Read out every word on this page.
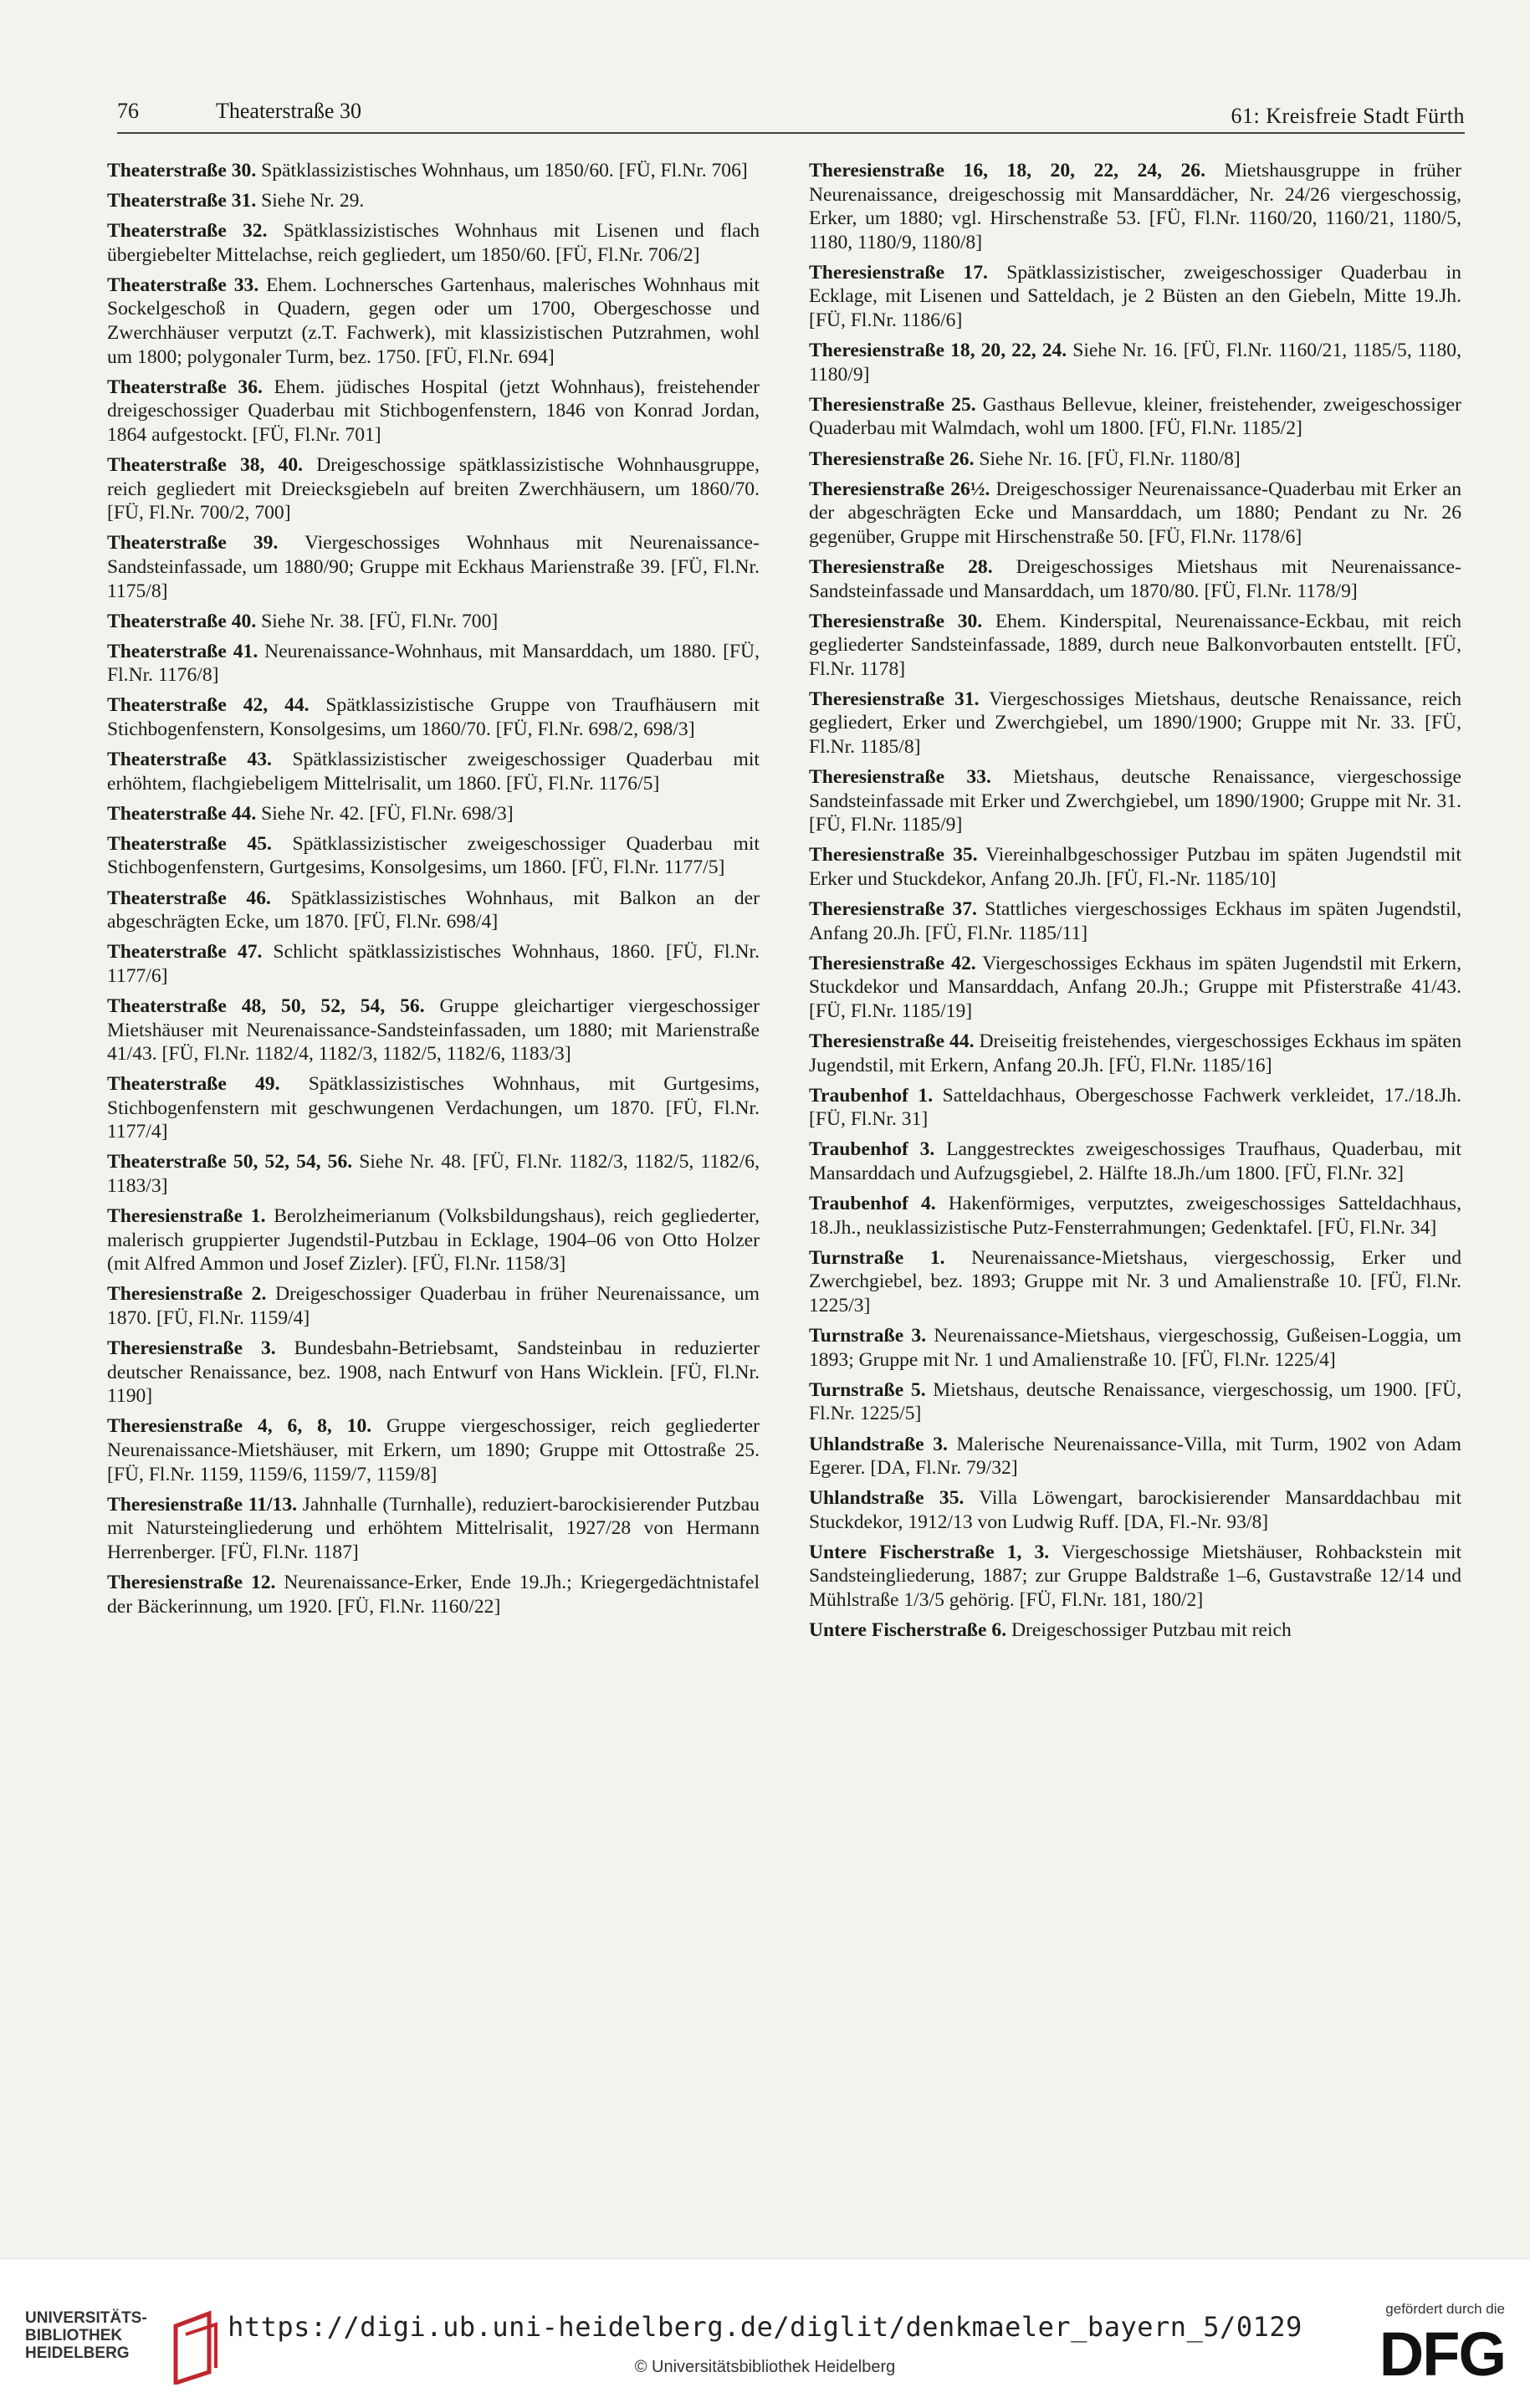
76	Theaterstraße 30	61: Kreisfreie Stadt Fürth

Theaterstraße 30. Spätklassizistisches Wohnhaus, um 1850/60. [FÜ, Fl.Nr. 706]

Theaterstraße 31. Siehe Nr. 29.

Theaterstraße 32. Spätklassizistisches Wohnhaus mit Lisenen und flach übergiebelter Mittelachse, reich gegliedert, um 1850/60. [FÜ, Fl.Nr. 706/2]

Theaterstraße 33. Ehem. Lochnersches Gartenhaus, malerisches Wohnhaus mit Sockelgeschoß in Quadern, gegen oder um 1700, Obergeschosse und Zwerchhäuser verputzt (z.T. Fachwerk), mit klassizistischen Putzrahmen, wohl um 1800; polygonaler Turm, bez. 1750. [FÜ, Fl.Nr. 694]

Theaterstraße 36. Ehem. jüdisches Hospital (jetzt Wohnhaus), freistehender dreigeschossiger Quaderbau mit Stichbogenfenstern, 1846 von Konrad Jordan, 1864 aufgestockt. [FÜ, Fl.Nr. 701]

Theaterstraße 38, 40. Dreigeschossige spätklassizistische Wohnhausgruppe, reich gegliedert mit Dreiecksgiebeln auf breiten Zwerchhäusern, um 1860/70. [FÜ, Fl.Nr. 700/2, 700]

Theaterstraße 39. Viergeschossiges Wohnhaus mit Neurenaissance-Sandsteinfassade, um 1880/90; Gruppe mit Eckhaus Marienstraße 39. [FÜ, Fl.Nr. 1175/8]

Theaterstraße 40. Siehe Nr. 38. [FÜ, Fl.Nr. 700]

Theaterstraße 41. Neurenaissance-Wohnhaus, mit Mansarddach, um 1880. [FÜ, Fl.Nr. 1176/8]

Theaterstraße 42, 44. Spätklassizistische Gruppe von Traufhäusern mit Stichbogenfenstern, Konsolgesims, um 1860/70. [FÜ, Fl.Nr. 698/2, 698/3]

Theaterstraße 43. Spätklassizistischer zweigeschossiger Quaderbau mit erhöhtem, flachgiebeligem Mittelrisalit, um 1860. [FÜ, Fl.Nr. 1176/5]

Theaterstraße 44. Siehe Nr. 42. [FÜ, Fl.Nr. 698/3]

Theaterstraße 45. Spätklassizistischer zweigeschossiger Quaderbau mit Stichbogenfenstern, Gurtgesims, Konsolgesims, um 1860. [FÜ, Fl.Nr. 1177/5]

Theaterstraße 46. Spätklassizistisches Wohnhaus, mit Balkon an der abgeschrägten Ecke, um 1870. [FÜ, Fl.Nr. 698/4]

Theaterstraße 47. Schlicht spätklassizistisches Wohnhaus, 1860. [FÜ, Fl.Nr. 1177/6]

Theaterstraße 48, 50, 52, 54, 56. Gruppe gleichartiger viergeschossiger Mietshäuser mit Neurenaissance-Sandsteinfassaden, um 1880; mit Marienstraße 41/43. [FÜ, Fl.Nr. 1182/4, 1182/3, 1182/5, 1182/6, 1183/3]

Theaterstraße 49. Spätklassizistisches Wohnhaus, mit Gurtgesims, Stichbogenfenstern mit geschwungenen Verdachungen, um 1870. [FÜ, Fl.Nr. 1177/4]

Theaterstraße 50, 52, 54, 56. Siehe Nr. 48. [FÜ, Fl.Nr. 1182/3, 1182/5, 1182/6, 1183/3]

Theresienstraße 1. Berolzheimerianum (Volksbildungshaus), reich gegliederter, malerisch gruppierter Jugendstil-Putzbau in Ecklage, 1904–06 von Otto Holzer (mit Alfred Ammon und Josef Zizler). [FÜ, Fl.Nr. 1158/3]

Theresienstraße 2. Dreigeschossiger Quaderbau in früher Neurenaissance, um 1870. [FÜ, Fl.Nr. 1159/4]

Theresienstraße 3. Bundesbahn-Betriebsamt, Sandsteinbau in reduzierter deutscher Renaissance, bez. 1908, nach Entwurf von Hans Wicklein. [FÜ, Fl.Nr. 1190]

Theresienstraße 4, 6, 8, 10. Gruppe viergeschossiger, reich gegliederter Neurenaissance-Mietshäuser, mit Erkern, um 1890; Gruppe mit Ottostraße 25. [FÜ, Fl.Nr. 1159, 1159/6, 1159/7, 1159/8]

Theresienstraße 11/13. Jahnhalle (Turnhalle), reduziert-barockisierender Putzbau mit Natursteingliederung und erhöhtem Mittelrisalit, 1927/28 von Hermann Herrenberger. [FÜ, Fl.Nr. 1187]

Theresienstraße 12. Neurenaissance-Erker, Ende 19.Jh.; Kriegergedächtnistafel der Bäckerinnung, um 1920. [FÜ, Fl.Nr. 1160/22]

Theresienstraße 16, 18, 20, 22, 24, 26. Mietshausgruppe in früher Neurenaissance, dreigeschossig mit Mansarddächer, Nr. 24/26 viergeschossig, Erker, um 1880; vgl. Hirschenstraße 53. [FÜ, Fl.Nr. 1160/20, 1160/21, 1180/5, 1180, 1180/9, 1180/8]

Theresienstraße 17. Spätklassizistischer, zweigeschossiger Quaderbau in Ecklage, mit Lisenen und Satteldach, je 2 Büsten an den Giebeln, Mitte 19.Jh. [FÜ, Fl.Nr. 1186/6]

Theresienstraße 18, 20, 22, 24. Siehe Nr. 16. [FÜ, Fl.Nr. 1160/21, 1185/5, 1180, 1180/9]

Theresienstraße 25. Gasthaus Bellevue, kleiner, freistehender, zweigeschossiger Quaderbau mit Walmdach, wohl um 1800. [FÜ, Fl.Nr. 1185/2]

Theresienstraße 26. Siehe Nr. 16. [FÜ, Fl.Nr. 1180/8]

Theresienstraße 26½. Dreigeschossiger Neurenaissance-Quaderbau mit Erker an der abgeschrägten Ecke und Mansarddach, um 1880; Pendant zu Nr. 26 gegenüber, Gruppe mit Hirschenstraße 50. [FÜ, Fl.Nr. 1178/6]

Theresienstraße 28. Dreigeschossiges Mietshaus mit Neurenaissance-Sandsteinfassade und Mansarddach, um 1870/80. [FÜ, Fl.Nr. 1178/9]

Theresienstraße 30. Ehem. Kinderspital, Neurenaissance-Eckbau, mit reich gegliederter Sandsteinfassade, 1889, durch neue Balkonvorbauten entstellt. [FÜ, Fl.Nr. 1178]

Theresienstraße 31. Viergeschossiges Mietshaus, deutsche Renaissance, reich gegliedert, Erker und Zwerchgiebel, um 1890/1900; Gruppe mit Nr. 33. [FÜ, Fl.Nr. 1185/8]

Theresienstraße 33. Mietshaus, deutsche Renaissance, viergeschossige Sandsteinfassade mit Erker und Zwerchgiebel, um 1890/1900; Gruppe mit Nr. 31. [FÜ, Fl.Nr. 1185/9]

Theresienstraße 35. Viereinhalbgeschossiger Putzbau im späten Jugendstil mit Erker und Stuckdekor, Anfang 20.Jh. [FÜ, Fl.-Nr. 1185/10]

Theresienstraße 37. Stattliches viergeschossiges Eckhaus im späten Jugendstil, Anfang 20.Jh. [FÜ, Fl.Nr. 1185/11]

Theresienstraße 42. Viergeschossiges Eckhaus im späten Jugendstil mit Erkern, Stuckdekor und Mansarddach, Anfang 20.Jh.; Gruppe mit Pfisterstraße 41/43. [FÜ, Fl.Nr. 1185/19]

Theresienstraße 44. Dreiseitig freistehendes, viergeschossiges Eckhaus im späten Jugendstil, mit Erkern, Anfang 20.Jh. [FÜ, Fl.Nr. 1185/16]

Traubenhof 1. Satteldachhaus, Obergeschosse Fachwerk verkleidet, 17./18.Jh. [FÜ, Fl.Nr. 31]

Traubenhof 3. Langgestrecktes zweigeschossiges Traufhaus, Quaderbau, mit Mansarddach und Aufzugsgiebel, 2. Hälfte 18.Jh./um 1800. [FÜ, Fl.Nr. 32]

Traubenhof 4. Hakenförmiges, verputztes, zweigeschossiges Satteldachhaus, 18.Jh., neuklassizistische Putz-Fensterrahmungen; Gedenktafel. [FÜ, Fl.Nr. 34]

Turnstraße 1. Neurenaissance-Mietshaus, viergeschossig, Erker und Zwerchgiebel, bez. 1893; Gruppe mit Nr. 3 und Amalienstraße 10. [FÜ, Fl.Nr. 1225/3]

Turnstraße 3. Neurenaissance-Mietshaus, viergeschossig, Gußeisen-Loggia, um 1893; Gruppe mit Nr. 1 und Amalienstraße 10. [FÜ, Fl.Nr. 1225/4]

Turnstraße 5. Mietshaus, deutsche Renaissance, viergeschossig, um 1900. [FÜ, Fl.Nr. 1225/5]

Uhlandstraße 3. Malerische Neurenaissance-Villa, mit Turm, 1902 von Adam Egerer. [DA, Fl.Nr. 79/32]

Uhlandstraße 35. Villa Löwengart, barockisierender Mansarddachbau mit Stuckdekor, 1912/13 von Ludwig Ruff. [DA, Fl.-Nr. 93/8]

Untere Fischerstraße 1, 3. Viergeschossige Mietshäuser, Rohbackstein mit Sandsteingliederung, 1887; zur Gruppe Baldstraße 1–6, Gustavstraße 12/14 und Mühlstraße 1/3/5 gehörig. [FÜ, Fl.Nr. 181, 180/2]

Untere Fischerstraße 6. Dreigeschossiger Putzbau mit reich

UNIVERSITÄTS-
BIBLIOTHEK
HEIDELBERG
https://digi.ub.uni-heidelberg.de/diglit/denkmaeler_bayern_5/0129
© Universitätsbibliothek Heidelberg
gefördert durch die
DFG
